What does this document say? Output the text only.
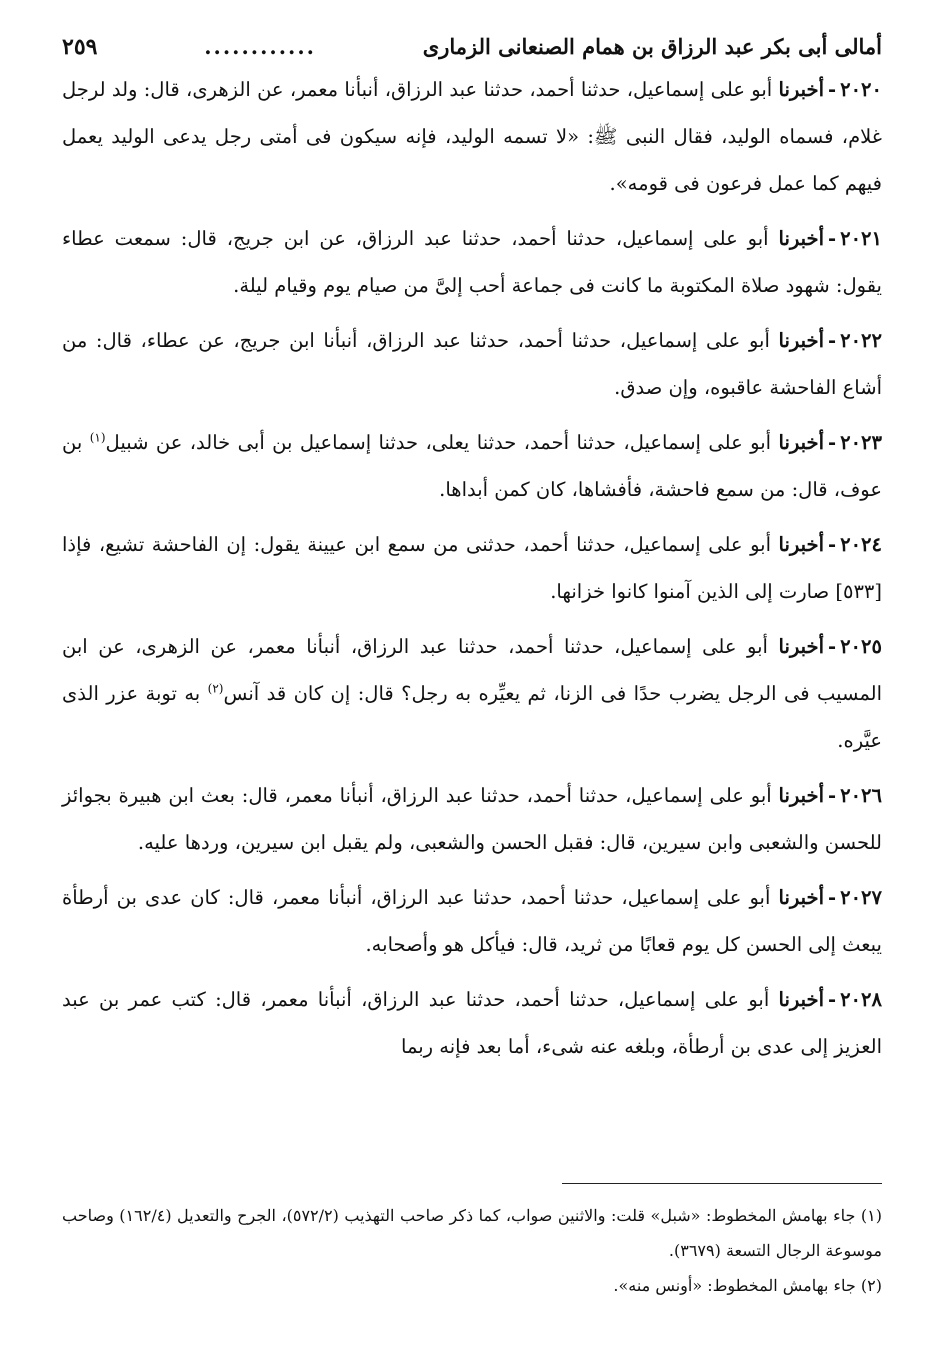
أمالى أبى بكر عبد الرزاق بن همام الصنعانى الزمارى
............
٢٥٩

٢٠٢٠-أخبرنا أبو على إسماعيل، حدثنا أحمد، حدثنا عبد الرزاق، أنبأنا معمر، عن الزهرى، قال: ولد لرجل غلام، فسماه الوليد، فقال النبى ﷺ: «لا تسمه الوليد، فإنه سيكون فى أمتى رجل يدعى الوليد يعمل فيهم كما عمل فرعون فى قومه».

٢٠٢١-أخبرنا أبو على إسماعيل، حدثنا أحمد، حدثنا عبد الرزاق، عن ابن جريج، قال: سمعت عطاء يقول: شهود صلاة المكتوبة ما كانت فى جماعة أحب إلىَّ من صيام يوم وقيام ليلة.

٢٠٢٢-أخبرنا أبو على إسماعيل، حدثنا أحمد، حدثنا عبد الرزاق، أنبأنا ابن جريج، عن عطاء، قال: من أشاع الفاحشة عاقبوه، وإن صدق.

٢٠٢٣-أخبرنا أبو على إسماعيل، حدثنا أحمد، حدثنا يعلى، حدثنا إسماعيل بن أبى خالد، عن شبيل$^{(١)}$ بن عوف، قال: من سمع فاحشة، فأفشاها، كان كمن أبداها.

٢٠٢٤-أخبرنا أبو على إسماعيل، حدثنا أحمد، حدثنى من سمع ابن عيينة يقول: إن الفاحشة تشيع، فإذا [٥٣٣] صارت إلى الذين آمنوا كانوا خزانها.

٢٠٢٥-أخبرنا أبو على إسماعيل، حدثنا أحمد، حدثنا عبد الرزاق، أنبأنا معمر، عن الزهرى، عن ابن المسيب فى الرجل يضرب حدًا فى الزنا، ثم يعيِّره به رجل؟ قال: إن كان قد آنس$^{(٢)}$ به توبة عزر الذى عيَّره.

٢٠٢٦-أخبرنا أبو على إسماعيل، حدثنا أحمد، حدثنا عبد الرزاق، أنبأنا معمر، قال: بعث ابن هبيرة بجوائز للحسن والشعبى وابن سيرين، قال: فقبل الحسن والشعبى، ولم يقبل ابن سيرين، وردها عليه.

٢٠٢٧-أخبرنا أبو على إسماعيل، حدثنا أحمد، حدثنا عبد الرزاق، أنبأنا معمر، قال: كان عدى بن أرطأة يبعث إلى الحسن كل يوم قعابًا من ثريد، قال: فيأكل هو وأصحابه.

٢٠٢٨-أخبرنا أبو على إسماعيل، حدثنا أحمد، حدثنا عبد الرزاق، أنبأنا معمر، قال: كتب عمر بن عبد العزيز إلى عدى بن أرطأة، وبلغه عنه شىء، أما بعد فإنه ربما

(١) جاء بهامش المخطوط: «شبل» قلت: والاثنين صواب، كما ذكر صاحب التهذيب (٥٧٢/٢)، الجرح والتعديل (١٦٢/٤) وصاحب موسوعة الرجال التسعة (٣٦٧٩).

(٢) جاء بهامش المخطوط: «أونس منه».
